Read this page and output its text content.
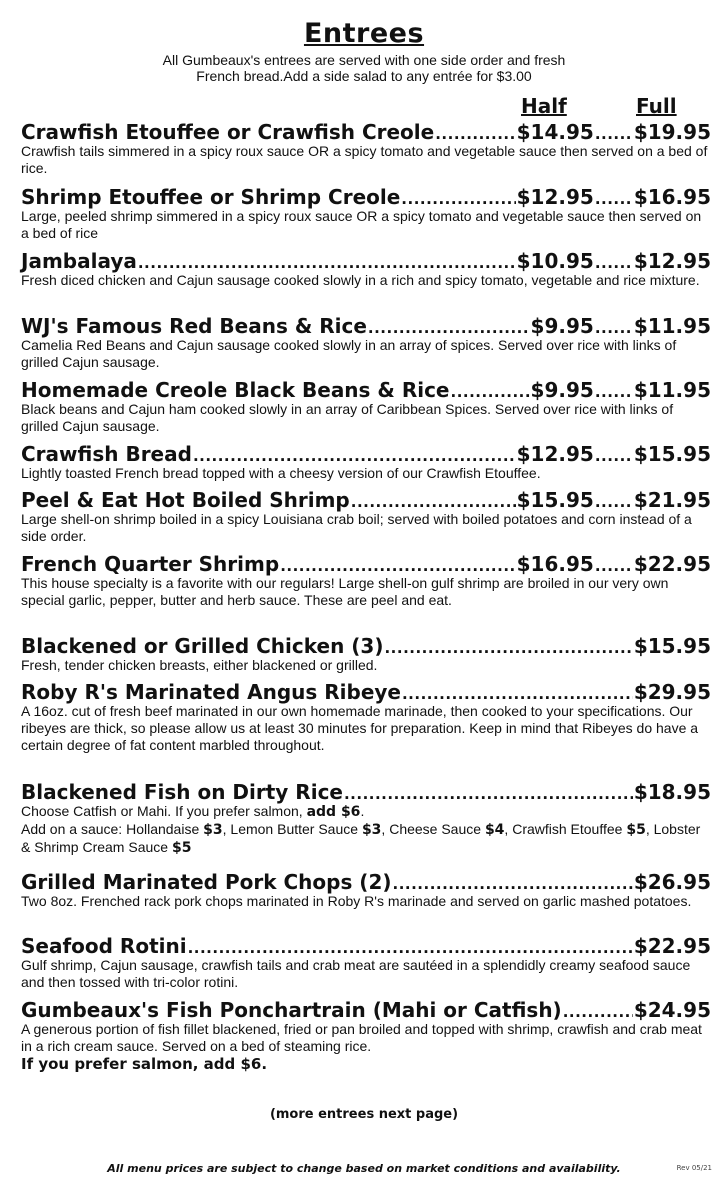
Entrees
All Gumbeaux's entrees are served with one side order and fresh
French bread.Add a side salad to any entrée for $3.00
Half	Full
Crawfish Etouffee or Crawfish Creole .....	$14.95 ..... $19.95
Crawfish tails simmered in a spicy roux sauce OR a spicy tomato and vegetable sauce then served on a bed of rice.
Shrimp Etouffee or Shrimp Creole .....	$12.95 ..... $16.95
Large, peeled shrimp simmered in a spicy roux sauce OR a spicy tomato and vegetable sauce then served on a bed of rice
Jambalaya .....	$10.95 ..... $12.95
Fresh diced chicken and Cajun sausage cooked slowly in a rich and spicy tomato, vegetable and rice mixture.
WJ's Famous Red Beans & Rice .....	$9.95 ..... $11.95
Camelia Red Beans and Cajun sausage cooked slowly in an array of spices. Served over rice with links of grilled Cajun sausage.
Homemade Creole Black Beans & Rice .....	$9.95 ..... $11.95
Black beans and Cajun ham cooked slowly in an array of Caribbean Spices. Served over rice with links of grilled Cajun sausage.
Crawfish Bread .....	$12.95 ..... $15.95
Lightly toasted French bread topped with a cheesy version of our Crawfish Etouffee.
Peel & Eat Hot Boiled Shrimp .....	$15.95 ..... $21.95
Large shell-on shrimp boiled in a spicy Louisiana crab boil; served with boiled potatoes and corn instead of a side order.
French Quarter Shrimp .....	$16.95 ..... $22.95
This house specialty is a favorite with our regulars! Large shell-on gulf shrimp are broiled in our very own special garlic, pepper, butter and herb sauce. These are peel and eat.
Blackened or Grilled Chicken (3) .....	$15.95
Fresh, tender chicken breasts, either blackened or grilled.
Roby R's Marinated Angus Ribeye .....	$29.95
A 16oz. cut of fresh beef marinated in our own homemade marinade, then cooked to your specifications. Our ribeyes are thick, so please allow us at least 30 minutes for preparation. Keep in mind that Ribeyes do have a certain degree of fat content marbled throughout.
Blackened Fish on Dirty Rice .....	$18.95
Choose Catfish or Mahi. If you prefer salmon, add $6.
Add on a sauce: Hollandaise $3, Lemon Butter Sauce $3, Cheese Sauce $4, Crawfish Etouffee $5, Lobster & Shrimp Cream Sauce $5
Grilled Marinated Pork Chops (2) .....	$26.95
Two 8oz. Frenched rack pork chops marinated in Roby R's marinade and served on garlic mashed potatoes.
Seafood Rotini .....	$22.95
Gulf shrimp, Cajun sausage, crawfish tails and crab meat are sautéed in a splendidly creamy seafood sauce and then tossed with tri-color rotini.
Gumbeaux's Fish Ponchartrain (Mahi or Catfish) .....	$24.95
A generous portion of fish fillet blackened, fried or pan broiled and topped with shrimp, crawfish and crab meat in a rich cream sauce. Served on a bed of steaming rice.
If you prefer salmon, add $6.
(more entrees next page)
All menu prices are subject to change based on market conditions and availability.	Rev 05/21
